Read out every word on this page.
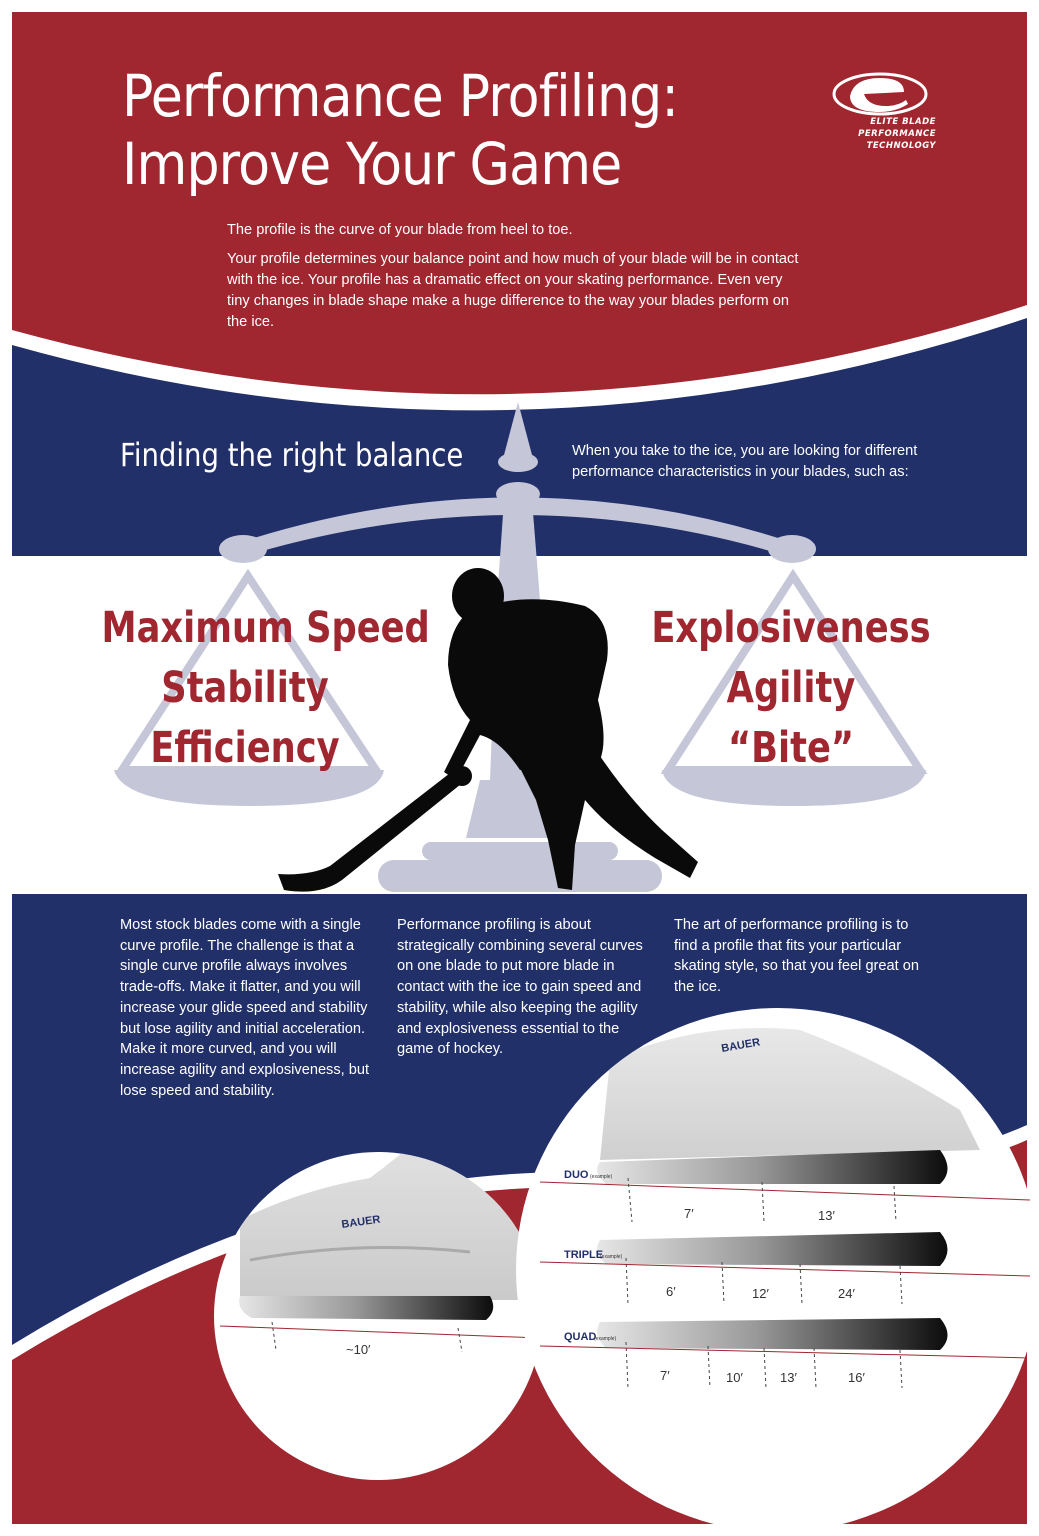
BAUER
~10′
BAUER
DUO (example)
7′	13′
TRIPLE
(example)
6′	12′	24′
QUAD
(example)
7′	10′	13′	16′
Performance Profiling:
Improve Your Game
ELITE BLADE
PERFORMANCE
TECHNOLOGY

The profile is the curve of your blade from heel to toe.

Your profile determines your balance point and how much of your blade will be in contact with the ice. Your profile has a dramatic effect on your skating performance. Even very tiny changes in blade shape make a huge difference to the way your blades perform on the ice.

Finding the right balance	When you take to the ice, you are looking for different performance characteristics in your blades, such as:
Maximum Speed
Stability
Efficiency
Explosiveness
Agility
“Bite”
Most stock blades come with a single curve profile. The challenge is that a single curve profile always involves trade-offs. Make it flatter, and you will increase your glide speed and stability but lose agility and initial acceleration. Make it more curved, and you will increase agility and explosiveness, but lose speed and stability.
Performance profiling is about strategically combining several curves on one blade to put more blade in contact with the ice to gain speed and stability, while also keeping the agility and explosiveness essential to the game of hockey.
The art of performance profiling is to find a profile that fits your particular skating style, so that you feel great on the ice.
